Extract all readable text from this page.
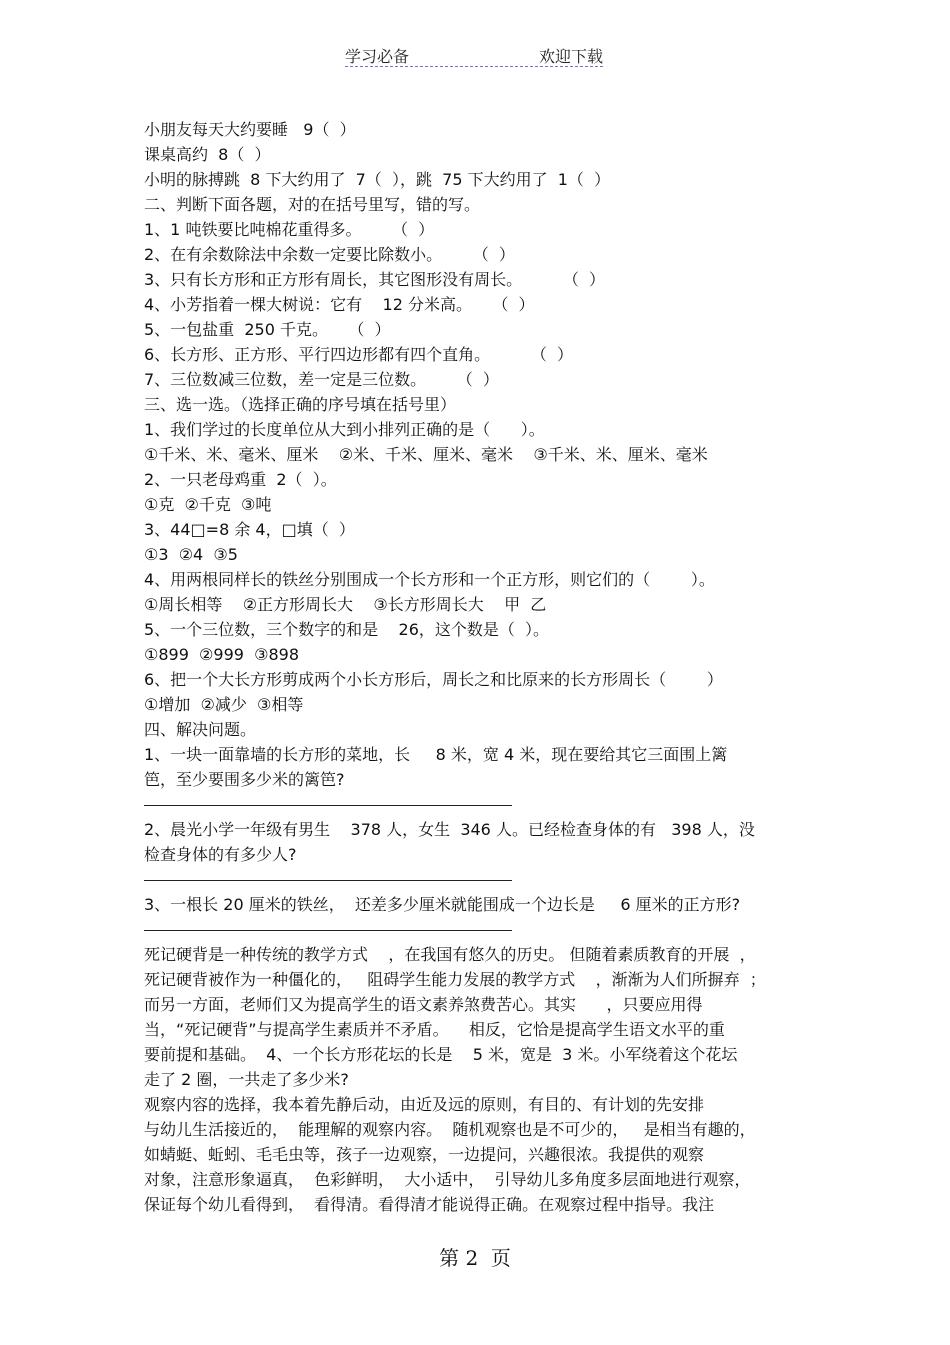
学习必备	欢迎下载
小朋友每天大约要睡   9（  ）
课桌高约  8（  ）
小明的脉搏跳  8 下大约用了  7（  ），跳  75 下大约用了  1（  ）
二、判断下面各题，对的在括号里写，错的写。
1、1 吨铁要比吨棉花重得多。      （  ）
2、在有余数除法中余数一定要比除数小。      （  ）
3、只有长方形和正方形有周长，其它图形没有周长。        （  ）
4、小芳指着一棵大树说：它有    12 分米高。    （  ）
5、一包盐重  250 千克。    （  ）
6、长方形、正方形、平行四边形都有四个直角。        （  ）
7、三位数减三位数，差一定是三位数。      （  ）
三、选一选。（选择正确的序号填在括号里）
1、我们学过的长度单位从大到小排列正确的是（      ）。
①千米、米、毫米、厘米    ②米、千米、厘米、毫米    ③千米、米、厘米、毫米
2、一只老母鸡重  2（  ）。
①克  ②千克  ③吨
3、44□=8 余 4，□填（  ）
①3  ②4  ③5
4、用两根同样长的铁丝分别围成一个长方形和一个正方形，则它们的（        ）。
①周长相等    ②正方形周长大    ③长方形周长大    甲  乙
5、一个三位数，三个数字的和是    26，这个数是（  ）。
①899  ②999  ③898
6、把一个大长方形剪成两个小长方形后，周长之和比原来的长方形周长（        ）
①增加  ②减少  ③相等
四、解决问题。
1、一块一面靠墙的长方形的菜地，长     8 米，宽 4 米，现在要给其它三面围上篱
笆，至少要围多少米的篱笆?
2、晨光小学一年级有男生    378 人，女生  346 人。已经检查身体的有   398 人，没
检查身体的有多少人?
3、一根长 20 厘米的铁丝，  还差多少厘米就能围成一个边长是     6 厘米的正方形?
死记硬背是一种传统的教学方式    ，在我国有悠久的历史。 但随着素质教育的开展  ，
死记硬背被作为一种僵化的，   阻碍学生能力发展的教学方式    ，渐渐为人们所摒弃  ；
而另一方面，老师们又为提高学生的语文素养煞费苦心。其实      ，只要应用得
当，“死记硬背”与提高学生素质并不矛盾。    相反，它恰是提高学生语文水平的重
要前提和基础。  4、一个长方形花坛的长是    5 米，宽是  3 米。小军绕着这个花坛
走了 2 圈，一共走了多少米?
观察内容的选择，我本着先静后动，由近及远的原则，有目的、有计划的先安排
与幼儿生活接近的，  能理解的观察内容。  随机观察也是不可少的，   是相当有趣的，
如蜻蜓、蚯蚓、毛毛虫等，孩子一边观察，一边提问，兴趣很浓。我提供的观察
对象，注意形象逼真，  色彩鲜明，  大小适中，  引导幼儿多角度多层面地进行观察，
保证每个幼儿看得到，  看得清。看得清才能说得正确。在观察过程中指导。我注
第 2  页
